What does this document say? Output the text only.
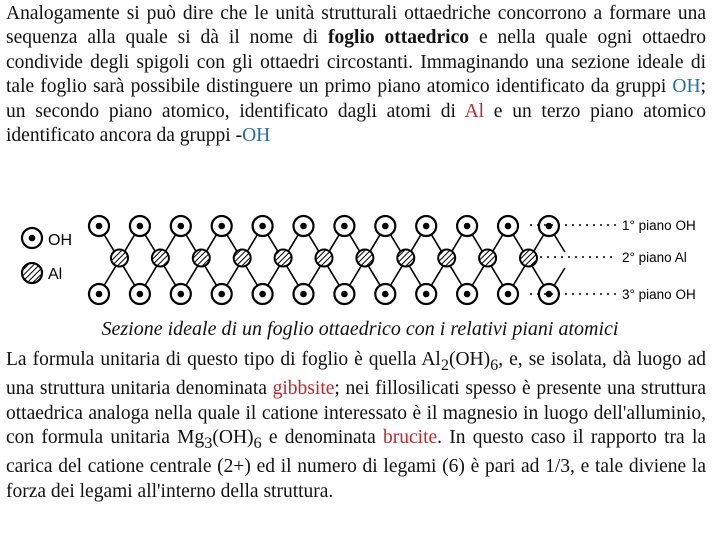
Analogamente si può dire che le unità strutturali ottaedriche concorrono a formare una sequenza alla quale si dà il nome di foglio ottaedrico e nella quale ogni ottaedro condivide degli spigoli con gli ottaedri circostanti. Immaginando una sezione ideale di tale foglio sarà possibile distinguere un primo piano atomico identificato da gruppi OH; un secondo piano atomico, identificato dagli atomi di Al e un terzo piano atomico identificato ancora da gruppi -OH

OH
Al
1° piano OH
2° piano Al
3° piano OH
Sezione ideale di un foglio ottaedrico con i relativi piani atomici

La formula unitaria di questo tipo di foglio è quella $Al_2(OH)_6$, e, se isolata, dà luogo ad una struttura unitaria denominata gibbsite; nei fillosilicati spesso è presente una struttura ottaedrica analoga nella quale il catione interessato è il magnesio in luogo dell'alluminio, con formula unitaria $Mg_3(OH)_6$ e denominata brucite. In questo caso il rapporto tra la carica del catione centrale (2+) ed il numero di legami (6) è pari ad 1/3, e tale diviene la forza dei legami all'interno della struttura.
